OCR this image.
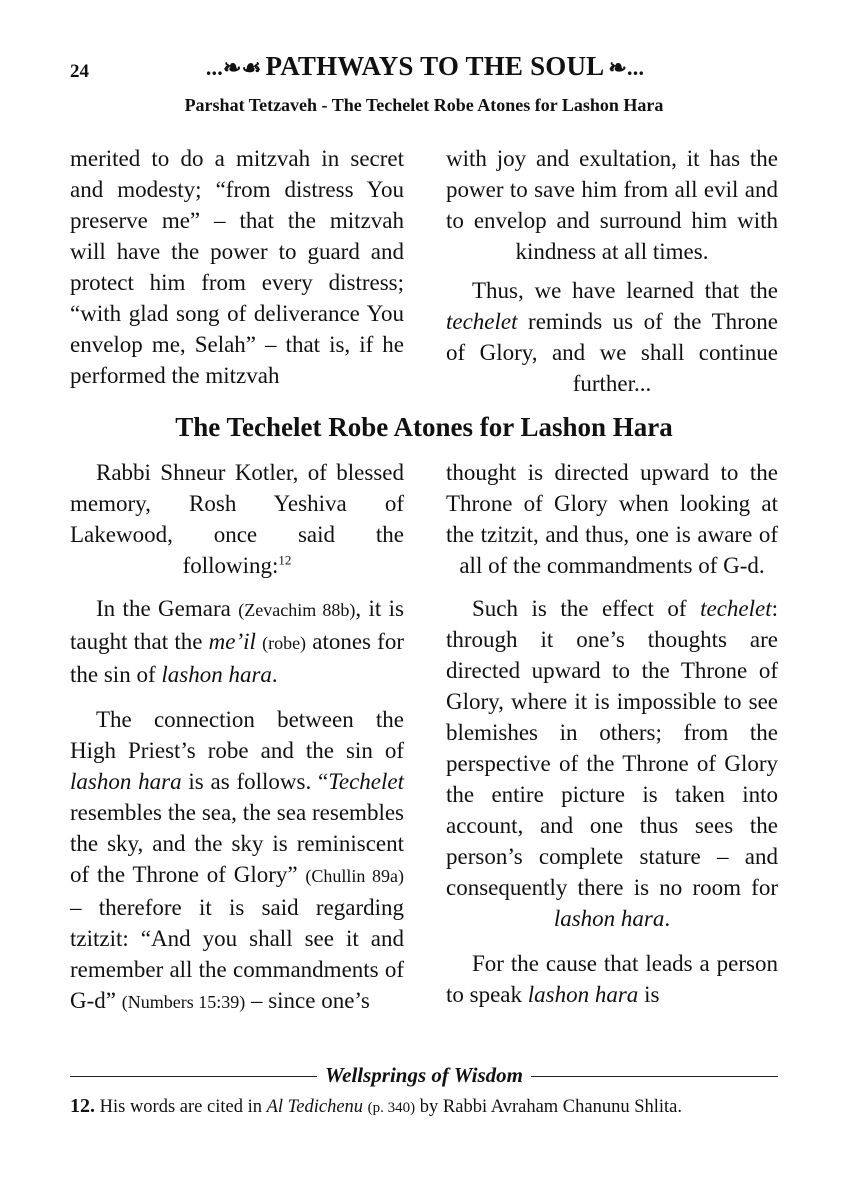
24	...❧☙ PATHWAYS TO THE SOUL ❧...
Parshat Tetzaveh - The Techelet Robe Atones for Lashon Hara

merited to do a mitzvah in secret and modesty; “from distress You preserve me” – that the mitzvah will have the power to guard and protect him from every distress; “with glad song of deliverance You envelop me, Selah” – that is, if he performed the mitzvah

with joy and exultation, it has the power to save him from all evil and to envelop and surround him with kindness at all times.

Thus, we have learned that the techelet reminds us of the Throne of Glory, and we shall continue further...

The Techelet Robe Atones for Lashon Hara

Rabbi Shneur Kotler, of blessed memory, Rosh Yeshiva of Lakewood, once said the following:$^{12}$

In the Gemara (Zevachim 88b), it is taught that the me’il (robe) atones for the sin of lashon hara.

The connection between the High Priest’s robe and the sin of lashon hara is as follows. “Techelet resembles the sea, the sea resembles the sky, and the sky is reminiscent of the Throne of Glory” (Chullin 89a) – therefore it is said regarding tzitzit: “And you shall see it and remember all the commandments of G-d” (Numbers 15:39) – since one’s

thought is directed upward to the Throne of Glory when looking at the tzitzit, and thus, one is aware of all of the commandments of G-d.

Such is the effect of techelet: through it one’s thoughts are directed upward to the Throne of Glory, where it is impossible to see blemishes in others; from the perspective of the Throne of Glory the entire picture is taken into account, and one thus sees the person’s complete stature – and consequently there is no room for lashon hara.

For the cause that leads a person to speak lashon hara is

Wellsprings of Wisdom
12. His words are cited in Al Tedichenu (p. 340) by Rabbi Avraham Chanunu Shlita.
